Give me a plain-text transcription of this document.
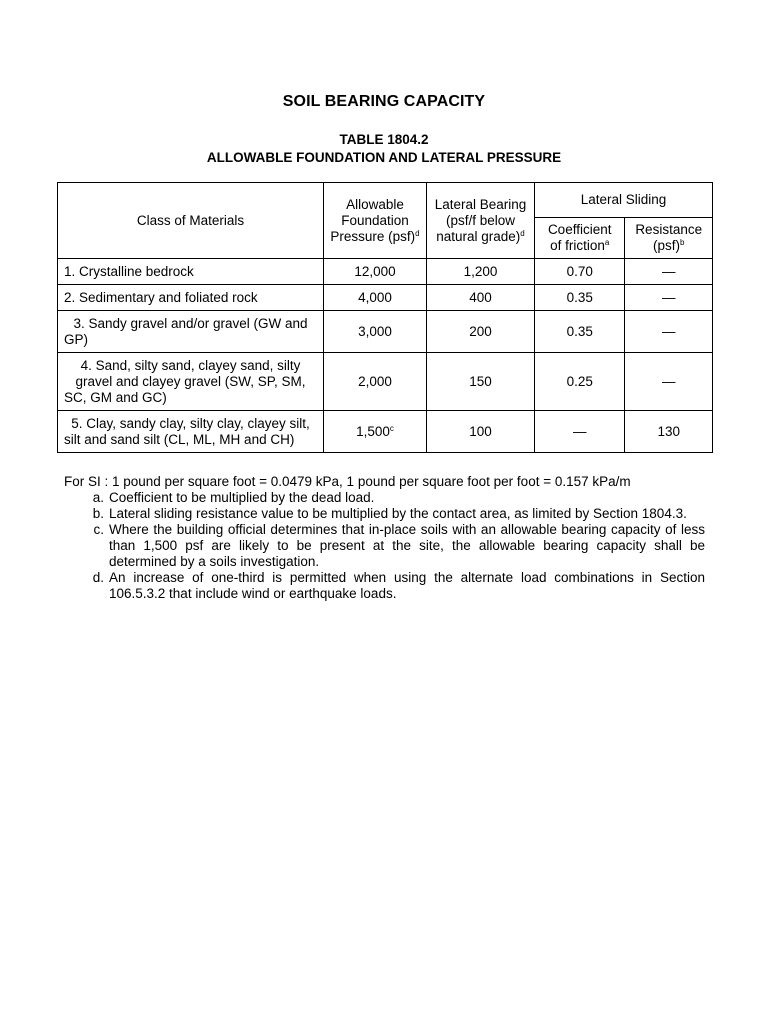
SOIL BEARING CAPACITY
TABLE 1804.2
ALLOWABLE FOUNDATION AND LATERAL PRESSURE
Class of Materials	Allowable Foundation Pressure (psf)$^d$	Lateral Bearing (psf/f below natural grade)$^d$	Lateral Sliding	
			Coefficient of friction$^a$	Resistance (psf)$^b$
1. Crystalline bedrock	12,000	1,200	0.70	—
2. Sedimentary and foliated rock	4,000	400	0.35	—
3. Sandy gravel and/or gravel (GW and GP)	3,000	200	0.35	—
4. Sand, silty sand, clayey sand, silty gravel and clayey gravel (SW, SP, SM, SC, GM and GC)	2,000	150	0.25	—
5. Clay, sandy clay, silty clay, clayey silt, silt and sand silt (CL, ML, MH and CH)	1,500$^c$	100	—	130
For SI : 1 pound per square foot = 0.0479 kPa, 1 pound per square foot per foot = 0.157 kPa/m
a. Coefficient to be multiplied by the dead load.
b. Lateral sliding resistance value to be multiplied by the contact area, as limited by Section 1804.3.
c. Where the building official determines that in-place soils with an allowable bearing capacity of less than 1,500 psf are likely to be present at the site, the allowable bearing capacity shall be determined by a soils investigation.
d. An increase of one-third is permitted when using the alternate load combinations in Section 106.5.3.2 that include wind or earthquake loads.
